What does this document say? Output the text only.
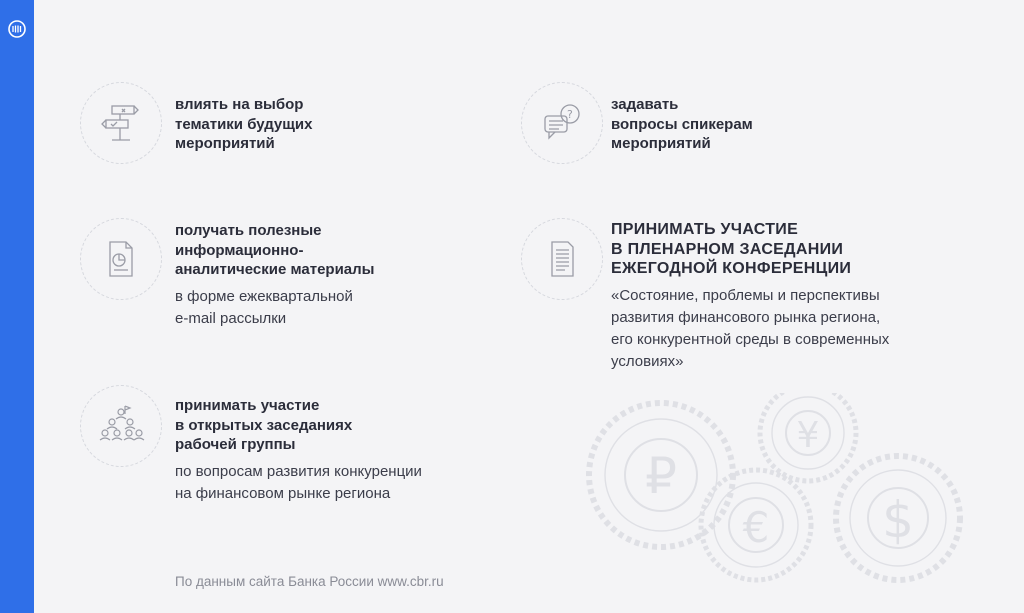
влиять на выбор
тематики будущих
мероприятий
?
задавать
вопросы спикерам
мероприятий
получать полезные
информационно-
аналитические материалы
в форме ежеквартальной
e-mail рассылки
ПРИНИМАТЬ УЧАСТИЕ
В ПЛЕНАРНОМ ЗАСЕДАНИИ
ЕЖЕГОДНОЙ КОНФЕРЕНЦИИ
«Состояние, проблемы и перспективы
развития финансового рынка региона,
его конкурентной среды в современных
условиях»
принимать участие
в открытых заседаниях
рабочей группы
по вопросам развития конкуренции
на финансовом рынке региона	₽
¥
€ $
По данным сайта Банка России www.cbr.ru
